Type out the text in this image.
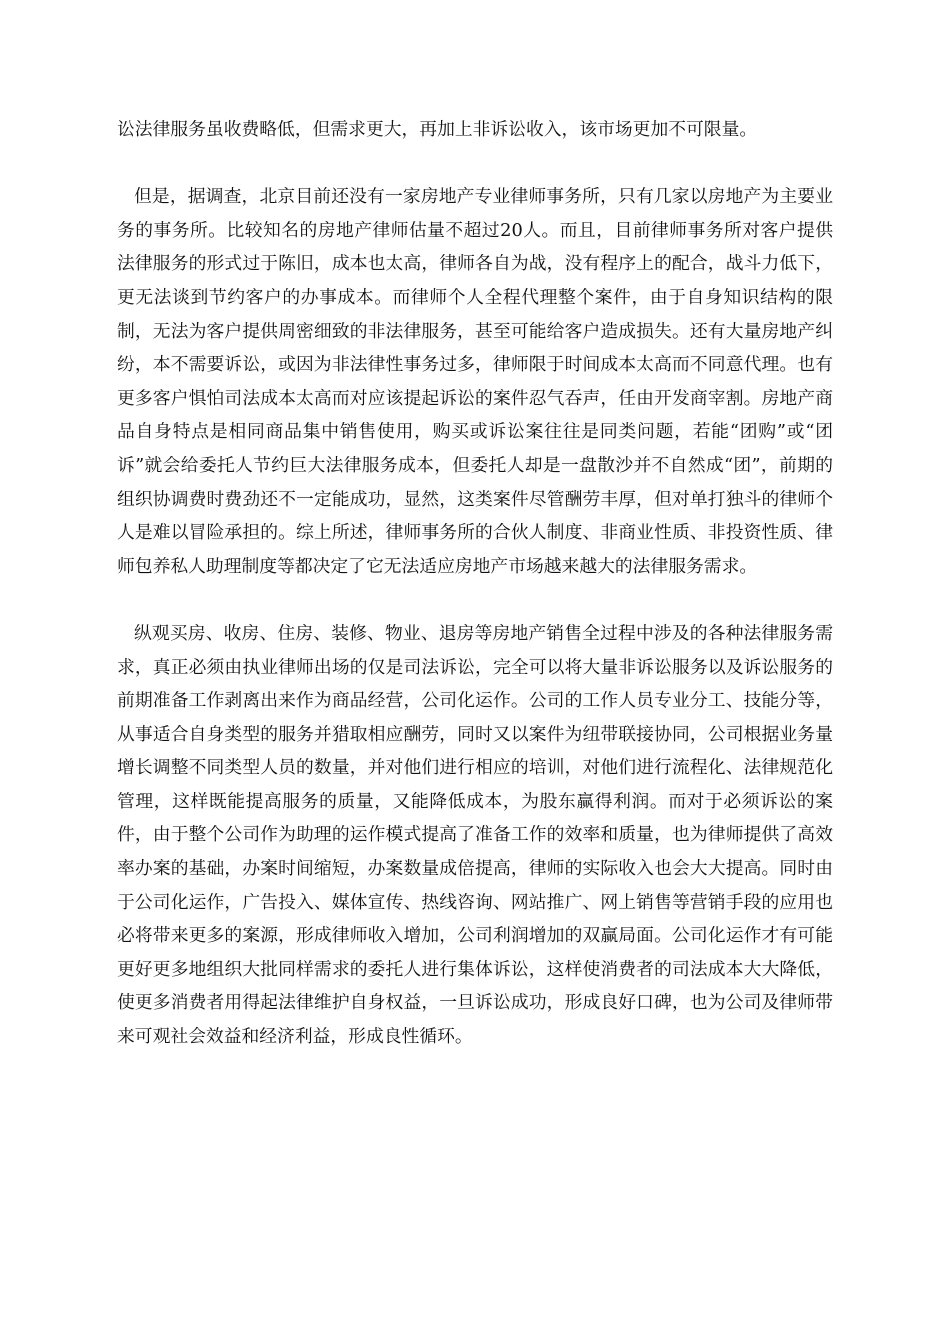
讼法律服务虽收费略低，但需求更大，再加上非诉讼收入，该市场更加不可限量。

但是，据调查，北京目前还没有一家房地产专业律师事务所，只有几家以房地产为主要业务的事务所。比较知名的房地产律师估量不超过20人。而且，目前律师事务所对客户提供法律服务的形式过于陈旧，成本也太高，律师各自为战，没有程序上的配合，战斗力低下，更无法谈到节约客户的办事成本。而律师个人全程代理整个案件，由于自身知识结构的限制，无法为客户提供周密细致的非法律服务，甚至可能给客户造成损失。还有大量房地产纠纷，本不需要诉讼，或因为非法律性事务过多，律师限于时间成本太高而不同意代理。也有更多客户惧怕司法成本太高而对应该提起诉讼的案件忍气吞声，任由开发商宰割。房地产商品自身特点是相同商品集中销售使用，购买或诉讼案往往是同类问题，若能“团购”或“团诉”就会给委托人节约巨大法律服务成本，但委托人却是一盘散沙并不自然成“团”，前期的组织协调费时费劲还不一定能成功，显然，这类案件尽管酬劳丰厚，但对单打独斗的律师个人是难以冒险承担的。综上所述，律师事务所的合伙人制度、非商业性质、非投资性质、律师包养私人助理制度等都决定了它无法适应房地产市场越来越大的法律服务需求。

纵观买房、收房、住房、装修、物业、退房等房地产销售全过程中涉及的各种法律服务需求，真正必须由执业律师出场的仅是司法诉讼，完全可以将大量非诉讼服务以及诉讼服务的前期准备工作剥离出来作为商品经营，公司化运作。公司的工作人员专业分工、技能分等，从事适合自身类型的服务并猎取相应酬劳，同时又以案件为纽带联接协同，公司根据业务量增长调整不同类型人员的数量，并对他们进行相应的培训，对他们进行流程化、法律规范化管理，这样既能提高服务的质量，又能降低成本，为股东赢得利润。而对于必须诉讼的案件，由于整个公司作为助理的运作模式提高了准备工作的效率和质量，也为律师提供了高效率办案的基础，办案时间缩短，办案数量成倍提高，律师的实际收入也会大大提高。同时由于公司化运作，广告投入、媒体宣传、热线咨询、网站推广、网上销售等营销手段的应用也必将带来更多的案源，形成律师收入增加，公司利润增加的双赢局面。公司化运作才有可能更好更多地组织大批同样需求的委托人进行集体诉讼，这样使消费者的司法成本大大降低，使更多消费者用得起法律维护自身权益，一旦诉讼成功，形成良好口碑，也为公司及律师带来可观社会效益和经济利益，形成良性循环。
